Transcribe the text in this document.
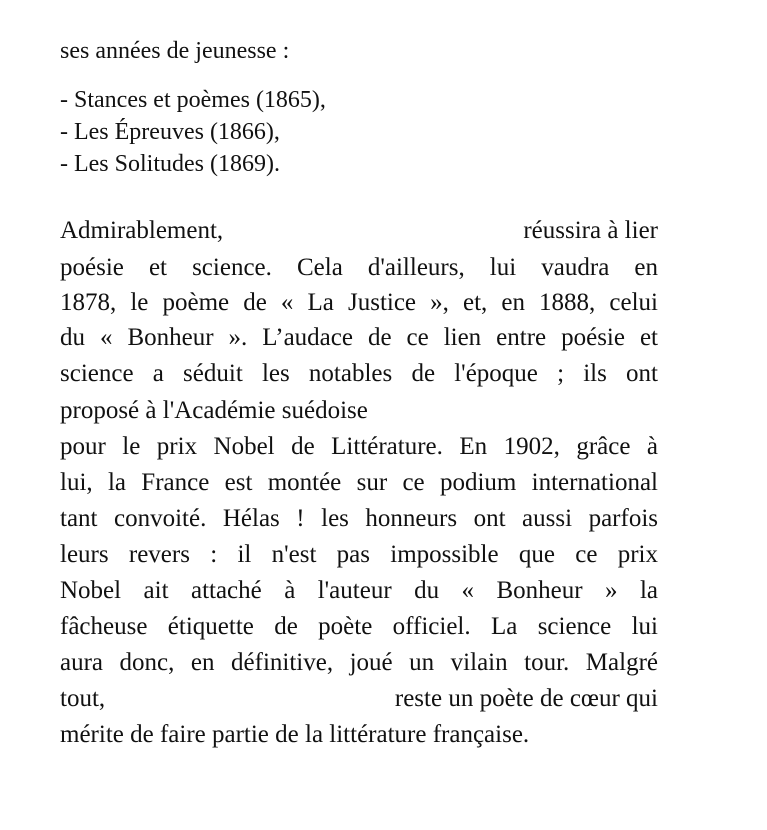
ses années de jeunesse :
- Stances et poèmes (1865),
- Les Épreuves (1866),
- Les Solitudes (1869).
Admirablement,	réussira à lier
poésie et science. Cela d'ailleurs, lui vaudra en
1878, le poème de « La Justice », et, en 1888, celui
du « Bonheur ». L’audace de ce lien entre poésie et
science a séduit les notables de l'époque ; ils ont
proposé à l'Académie suédoise
pour le prix Nobel de Littérature. En 1902, grâce à
lui, la France est montée sur ce podium international
tant convoité. Hélas ! les honneurs ont aussi parfois
leurs revers : il n'est pas impossible que ce prix
Nobel ait attaché à l'auteur du « Bonheur » la
fâcheuse étiquette de poète officiel. La science lui
aura donc, en définitive, joué un vilain tour. Malgré
tout,	reste un poète de cœur qui
mérite de faire partie de la littérature française.
